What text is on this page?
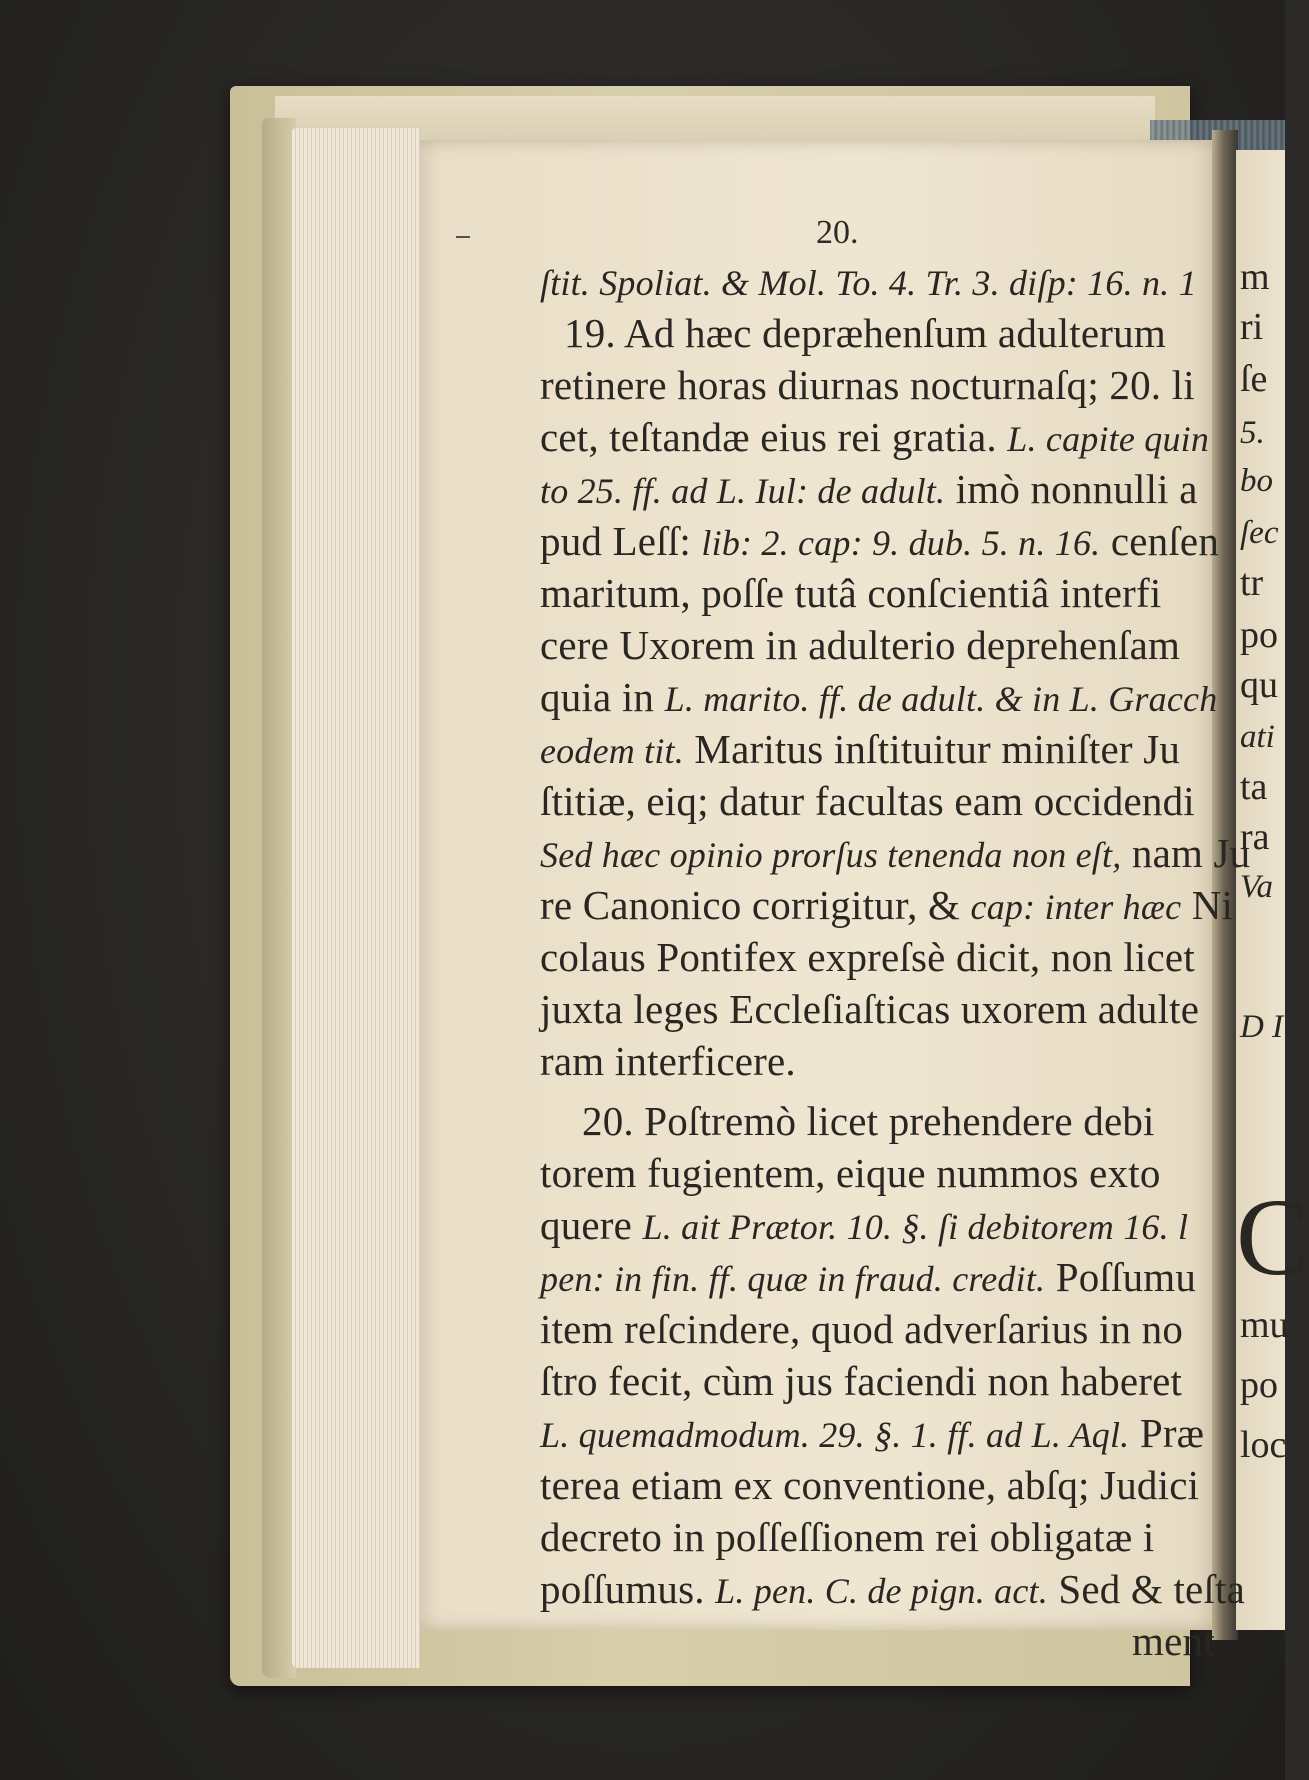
20.
ſtit. Spoliat. & Mol. To. 4. Tr. 3. diſp: 16. n. 1
19. Ad hæc depræhenſum adulterum
retinere horas diurnas nocturnaſq; 20. li
cet, teſtandæ eius rei gratia. L. capite quin
to 25. ff. ad L. Iul: de adult. imò nonnulli a
pud Leſſ: lib: 2. cap: 9. dub. 5. n. 16. cenſen
maritum, poſſe tutâ conſcientiâ interfi
cere Uxorem in adulterio deprehenſam
quia in L. marito. ff. de adult. & in L. Gracch
eodem tit. Maritus inſtituitur miniſter Ju
ſtitiæ, eiq; datur facultas eam occidendi
Sed hæc opinio prorſus tenenda non eſt, nam Ju
re Canonico corrigitur, & cap: inter hæc Ni
colaus Pontifex expreſsè dicit, non licet
juxta leges Eccleſiaſticas uxorem adulte
ram interficere.
20. Poſtremò licet prehendere debi
torem fugientem, eique nummos exto
quere L. ait Prætor. 10. §. ſi debitorem 16. l
pen: in fin. ff. quæ in fraud. credit. Poſſumu
item reſcindere, quod adverſarius in no
ſtro fecit, cùm jus faciendi non haberet
L. quemadmodum. 29. §. 1. ff. ad L. Aql. Præ
terea etiam ex conventione, abſq; Judici
decreto in poſſeſſionem rei obligatæ i
poſſumus. L. pen. C. de pign. act. Sed & teſta
ment
m
ri
ſe
5.
bo
ſec
tr
po
qu
ati
ta
ra
Va
D I
C
mu
po
loc
